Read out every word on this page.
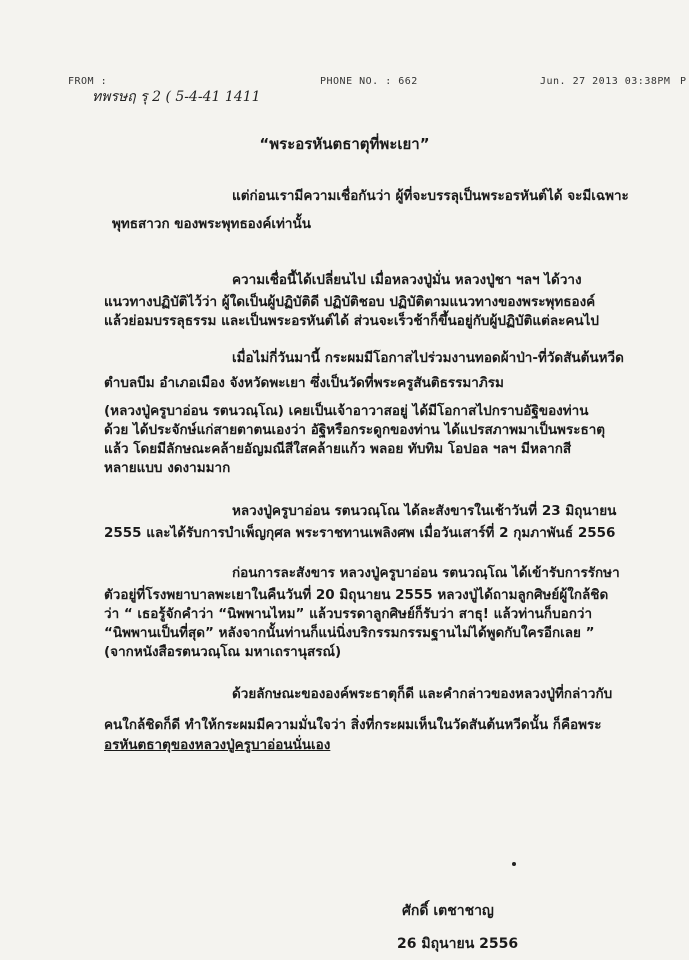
FROM :	PHONE NO. : 662	Jun. 27 2013 03:38PM P
ทพรษฤ รุ 2 ( 5-4-41 1411
“พระอรหันตธาตุที่พะเยา”
แต่ก่อนเรามีความเชื่อกันว่า ผู้ที่จะบรรลุเป็นพระอรหันต์ได้ จะมีเฉพาะ
พุทธสาวก ของพระพุทธองค์เท่านั้น
ความเชื่อนี้ได้เปลี่ยนไป เมื่อหลวงปู่มั่น หลวงปู่ชา ฯลฯ ได้วาง
แนวทางปฏิบัติไว้ว่า ผู้ใดเป็นผู้ปฏิบัติดี ปฏิบัติชอบ ปฏิบัติตามแนวทางของพระพุทธองค์
แล้วย่อมบรรลุธรรม และเป็นพระอรหันต์ได้ ส่วนจะเร็วช้าก็ขึ้นอยู่กับผู้ปฏิบัติแต่ละคนไป
เมื่อไม่กี่วันมานี้ กระผมมีโอกาสไปร่วมงานทอดผ้าป่า-ที่วัดสันต้นหวีด
ตำบลบีม อำเภอเมือง จังหวัดพะเยา ซึ่งเป็นวัดที่พระครูสันติธรรมาภิรม
(หลวงปู่ครูบาอ่อน รตนวณฺโณ) เคยเป็นเจ้าอาวาสอยู่ ได้มีโอกาสไปกราบอัฐิของท่าน
ด้วย ได้ประจักษ์แก่สายตาตนเองว่า อัฐิหรือกระดูกของท่าน ได้แปรสภาพมาเป็นพระธาตุ
แล้ว โดยมีลักษณะคล้ายอัญมณีสีใสคล้ายแก้ว พลอย ทับทิม โอปอล ฯลฯ มีหลากสี
หลายแบบ งดงามมาก
หลวงปู่ครูบาอ่อน รตนวณฺโณ ได้ละสังขารในเช้าวันที่ 23 มิถุนายน
2555 และได้รับการบำเพ็ญกุศล พระราชทานเพลิงศพ เมื่อวันเสาร์ที่ 2 กุมภาพันธ์ 2556
ก่อนการละสังขาร หลวงปู่ครูบาอ่อน รตนวณฺโณ ได้เข้ารับการรักษา
ตัวอยู่ที่โรงพยาบาลพะเยาในคืนวันที่ 20 มิถุนายน 2555 หลวงปู่ได้ถามลูกศิษย์ผู้ใกล้ชิด
ว่า “ เธอรู้จักคำว่า “นิพพานไหม” แล้วบรรดาลูกศิษย์ก็รับว่า สาธุ! แล้วท่านก็บอกว่า
“นิพพานเป็นที่สุด” หลังจากนั้นท่านก็แน่นิ่งบริกรรมกรรมฐานไม่ได้พูดกับใครอีกเลย ”
(จากหนังสือรตนวณฺโณ มหาเถรานุสรณ์)
ด้วยลักษณะขององค์พระธาตุก็ดี และคำกล่าวของหลวงปู่ที่กล่าวกับ
คนใกล้ชิดก็ดี ทำให้กระผมมีความมั่นใจว่า สิ่งที่กระผมเห็นในวัดสันต้นหวีดนั้น ก็คือพระ
อรหันตธาตุของหลวงปู่ครูบาอ่อนนั่นเอง
ศักดิ์ เตชาชาญ
26 มิถุนายน 2556
